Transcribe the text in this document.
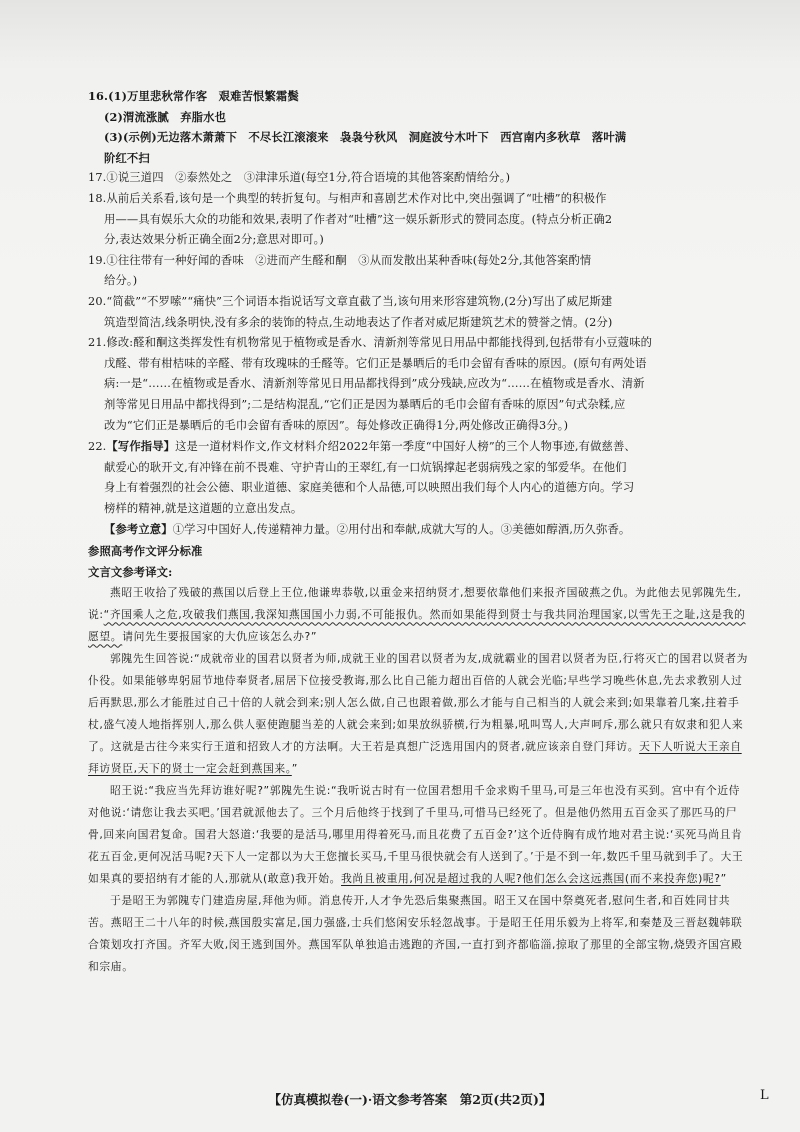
16.(1)万里悲秋常作客　艰难苦恨繁霜鬓

(2)渭流涨腻　弃脂水也

(3)(示例)无边落木萧萧下　不尽长江滚滚来　袅袅兮秋风　洞庭波兮木叶下　西宫南内多秋草　落叶满

阶红不扫

17.①说三道四　②泰然处之　③津津乐道(每空1分,符合语境的其他答案酌情给分。)

18.从前后关系看,该句是一个典型的转折复句。与相声和喜剧艺术作对比中,突出强调了“吐槽”的积极作

用——具有娱乐大众的功能和效果,表明了作者对“吐槽”这一娱乐新形式的赞同态度。(特点分析正确2

分,表达效果分析正确全面2分;意思对即可。)

19.①往往带有一种好闻的香味　②进而产生醛和酮　③从而发散出某种香味(每处2分,其他答案酌情

给分。)

20.“简截”“不罗嗦”“痛快”三个词语本指说话写文章直截了当,该句用来形容建筑物,(2分)写出了威尼斯建

筑造型简洁,线条明快,没有多余的装饰的特点,生动地表达了作者对威尼斯建筑艺术的赞誉之情。(2分)

21.修改:醛和酮这类挥发性有机物常见于植物或是香水、清新剂等常见日用品中都能找得到,包括带有小豆蔻味的

戊醛、带有柑桔味的辛醛、带有玫瑰味的壬醛等。它们正是暴晒后的毛巾会留有香味的原因。(原句有两处语

病:一是“……在植物或是香水、清新剂等常见日用品都找得到”成分残缺,应改为“……在植物或是香水、清新

剂等常见日用品中都找得到”;二是结构混乱,“它们正是因为暴晒后的毛巾会留有香味的原因”句式杂糅,应

改为“它们正是暴晒后的毛巾会留有香味的原因”。每处修改正确得1分,两处修改正确得3分。)

22.【写作指导】这是一道材料作文,作文材料介绍2022年第一季度“中国好人榜”的三个人物事迹,有做慈善、

献爱心的耿开文,有冲锋在前不畏难、守护青山的王翠红,有一口炕锅撑起老弱病残之家的邹爱华。在他们

身上有着强烈的社会公德、职业道德、家庭美德和个人品德,可以映照出我们每个人内心的道德方向。学习

榜样的精神,就是这道题的立意出发点。

【参考立意】①学习中国好人,传递精神力量。②用付出和奉献,成就大写的人。③美德如醇酒,历久弥香。

参照高考作文评分标准

文言文参考译文:

燕昭王收拾了残破的燕国以后登上王位,他谦卑恭敬,以重金来招纳贤才,想要依靠他们来报齐国破燕之仇。为此他去见郭隗先生,说:“齐国乘人之危,攻破我们燕国,我深知燕国国小力弱,不可能报仇。然而如果能得到贤士与我共同治理国家,以雪先王之耻,这是我的愿望。请问先生要报国家的大仇应该怎么办?”

郭隗先生回答说:“成就帝业的国君以贤者为师,成就王业的国君以贤者为友,成就霸业的国君以贤者为臣,行将灭亡的国君以贤者为仆役。如果能够卑躬屈节地侍奉贤者,屈居下位接受教诲,那么比自己能力超出百倍的人就会光临;早些学习晚些休息,先去求教别人过后再默思,那么才能胜过自己十倍的人就会到来;别人怎么做,自己也跟着做,那么才能与自己相当的人就会来到;如果靠着几案,拄着手杖,盛气凌人地指挥别人,那么供人驱使跑腿当差的人就会来到;如果放纵骄横,行为粗暴,吼叫骂人,大声呵斥,那么就只有奴隶和犯人来了。这就是古往今来实行王道和招致人才的方法啊。大王若是真想广泛选用国内的贤者,就应该亲自登门拜访。天下人听说大王亲自拜访贤臣,天下的贤士一定会赶到燕国来。”

昭王说:“我应当先拜访谁好呢?”郭隗先生说:“我听说古时有一位国君想用千金求购千里马,可是三年也没有买到。宫中有个近侍对他说:‘请您让我去买吧。’国君就派他去了。三个月后他终于找到了千里马,可惜马已经死了。但是他仍然用五百金买了那匹马的尸骨,回来向国君复命。国君大怒道:‘我要的是活马,哪里用得着死马,而且花费了五百金?’这个近侍胸有成竹地对君主说:‘买死马尚且肯花五百金,更何况活马呢?天下人一定都以为大王您擅长买马,千里马很快就会有人送到了。’于是不到一年,数匹千里马就到手了。大王如果真的要招纳有才能的人,那就从(敢意)我开始。我尚且被重用,何况是超过我的人呢?他们怎么会这远燕国(而不来投奔您)呢?”

于是昭王为郭隗专门建造房屋,拜他为师。消息传开,人才争先恐后集聚燕国。昭王又在国中祭奠死者,慰问生者,和百姓同甘共苦。燕昭王二十八年的时候,燕国殷实富足,国力强盛,士兵们悠闲安乐轻忽战事。于是昭王任用乐毅为上将军,和秦楚及三晋赵魏韩联合策划攻打齐国。齐军大败,闵王逃到国外。燕国军队单独追击逃跑的齐国,一直打到齐都临淄,掠取了那里的全部宝物,烧毁齐国宫殿和宗庙。

【仿真模拟卷(一)·语文参考答案　第2页(共2页)】	L
